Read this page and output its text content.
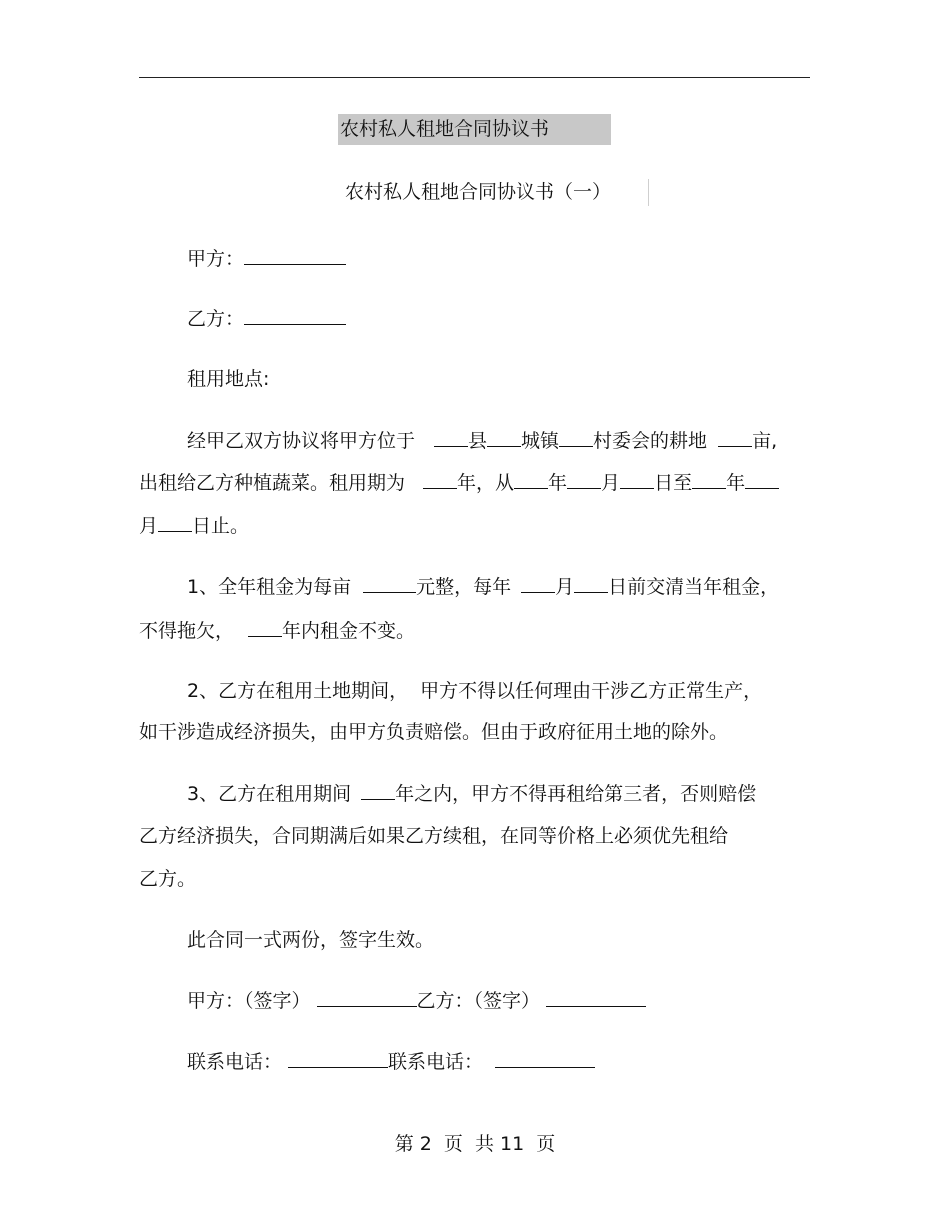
农村私人租地合同协议书
农村私人租地合同协议书（一）
甲方：
乙方：
租用地点:
经甲乙双方协议将甲方位于	县 城镇 村委会的耕地 亩,
出租给乙方种植蔬菜。租用期为	年，从 年 月 日至 年
月 日止。
1、全年租金为每亩	元整，每年 月 日前交清当年租金，
不得拖欠，	年内租金不变。
2、乙方在租用土地期间，  甲方不得以任何理由干涉乙方正常生产，
如干涉造成经济损失，由甲方负责赔偿。但由于政府征用土地的除外。
3、乙方在租用期间 年之内，甲方不得再租给第三者，否则赔偿
乙方经济损失，合同期满后如果乙方续租，在同等价格上必须优先租给
乙方。
此合同一式两份，签字生效。
甲方：（签字）	乙方：（签字）
联系电话：	联系电话：
第 2  页  共 11  页
